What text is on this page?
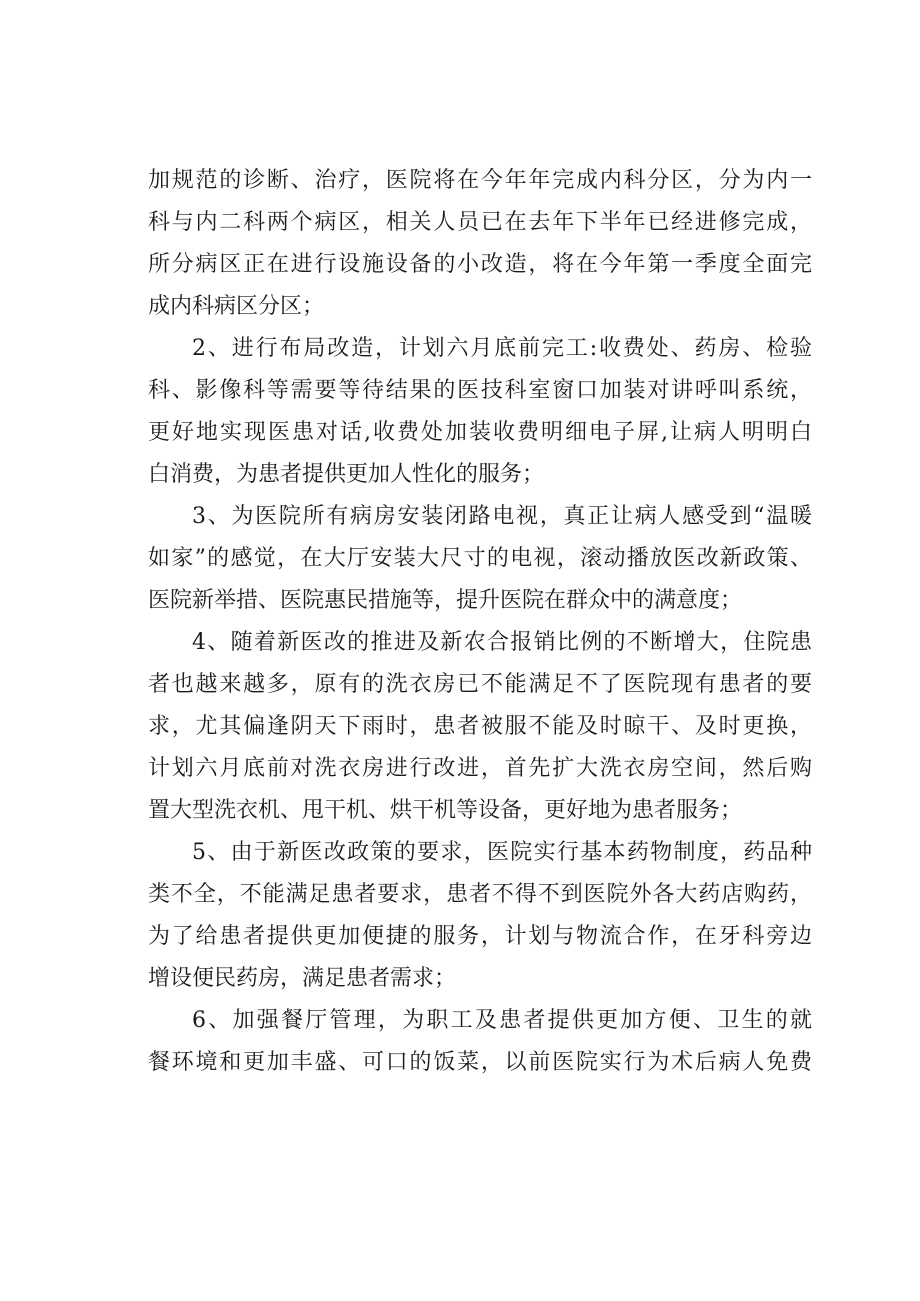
加规范的诊断、治疗，医院将在今年年完成内科分区，分为内一
科与内二科两个病区，相关人员已在去年下半年已经进修完成，
所分病区正在进行设施设备的小改造，将在今年第一季度全面完
成内科病区分区；
2、进行布局改造，计划六月底前完工:收费处、药房、检验
科、影像科等需要等待结果的医技科室窗口加装对讲呼叫系统，
更好地实现医患对话,收费处加装收费明细电子屏,让病人明明白
白消费，为患者提供更加人性化的服务；
3、为医院所有病房安装闭路电视，真正让病人感受到“温暖
如家”的感觉，在大厅安装大尺寸的电视，滚动播放医改新政策、
医院新举措、医院惠民措施等，提升医院在群众中的满意度；
4、随着新医改的推进及新农合报销比例的不断增大，住院患
者也越来越多，原有的洗衣房已不能满足不了医院现有患者的要
求，尤其偏逢阴天下雨时，患者被服不能及时晾干、及时更换，
计划六月底前对洗衣房进行改进，首先扩大洗衣房空间，然后购
置大型洗衣机、甩干机、烘干机等设备，更好地为患者服务；
5、由于新医改政策的要求，医院实行基本药物制度，药品种
类不全，不能满足患者要求，患者不得不到医院外各大药店购药，
为了给患者提供更加便捷的服务，计划与物流合作，在牙科旁边
增设便民药房，满足患者需求；
6、加强餐厅管理，为职工及患者提供更加方便、卫生的就
餐环境和更加丰盛、可口的饭菜，以前医院实行为术后病人免费
